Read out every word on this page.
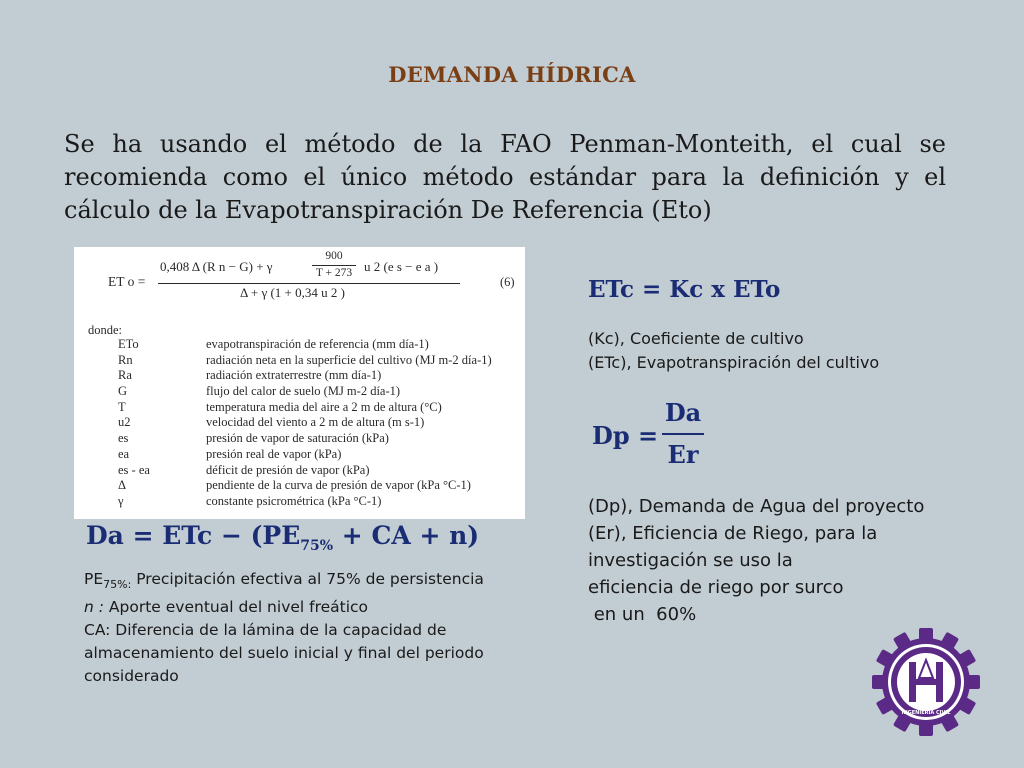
DEMANDA HÍDRICA
Se ha usando el método de la FAO Penman-Monteith, el cual se recomienda como el único método estándar para la definición y el cálculo de la Evapotranspiración De Referencia (Eto)
ET o =
0,408 Δ (R n − G) + γ
900
T + 273 u 2 (e s − e a )
Δ + γ (1 + 0,34 u 2 )
(6)
donde:
ETo	evapotranspiración de referencia (mm día-1)
Rn	radiación neta en la superficie del cultivo (MJ m-2 día-1)
Ra	radiación extraterrestre (mm día-1)
G	flujo del calor de suelo (MJ m-2 día-1)
T	temperatura media del aire a 2 m de altura (°C)
u2	velocidad del viento a 2 m de altura (m s-1)
es	presión de vapor de saturación (kPa)
ea	presión real de vapor (kPa)
es - ea	déficit de presión de vapor (kPa)
Δ	pendiente de la curva de presión de vapor (kPa °C-1)
γ	constante psicrométrica (kPa °C-1)
Da = ETc − ($PE_{75\%}$ + CA + n)
$PE_{75\%:}$ Precipitación efectiva al 75% de persistencia
n : Aporte eventual del nivel freático
CA: Diferencia de la lámina de la capacidad de almacenamiento del suelo inicial y final del periodo considerado
ETc = Kc x ETo
(Kc), Coeficiente de cultivo
(ETc), Evapotranspiración del cultivo
Dp =
Da
Er
(Dp), Demanda de Agua del proyecto
(Er), Eficiencia de Riego, para la
investigación se uso la
eficiencia de riego por surco
en un  60%
INGENIERÍA CIVIL
